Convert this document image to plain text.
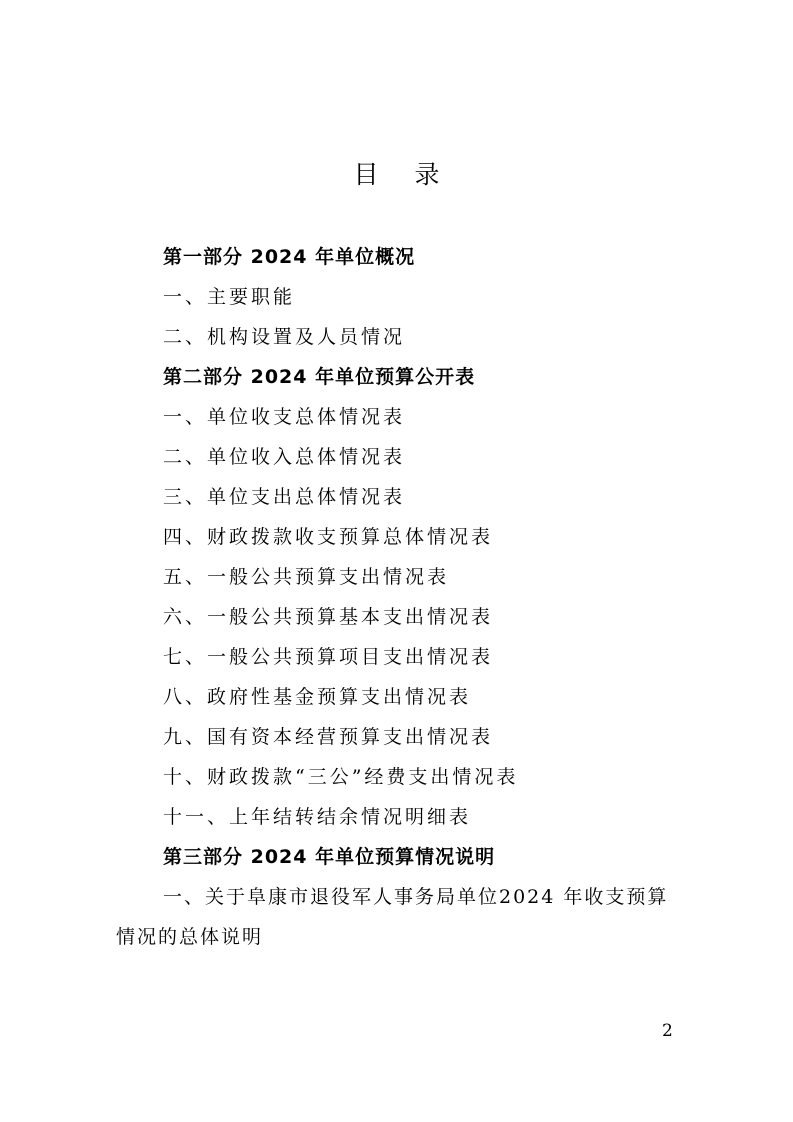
目 录
第一部分 2024 年单位概况
一、主要职能
二、机构设置及人员情况
第二部分 2024 年单位预算公开表
一、单位收支总体情况表
二、单位收入总体情况表
三、单位支出总体情况表
四、财政拨款收支预算总体情况表
五、一般公共预算支出情况表
六、一般公共预算基本支出情况表
七、一般公共预算项目支出情况表
八、政府性基金预算支出情况表
九、国有资本经营预算支出情况表
十、财政拨款“三公”经费支出情况表
十一、上年结转结余情况明细表
第三部分 2024 年单位预算情况说明
一、关于阜康市退役军人事务局单位2024 年收支预算情况的总体说明
2
